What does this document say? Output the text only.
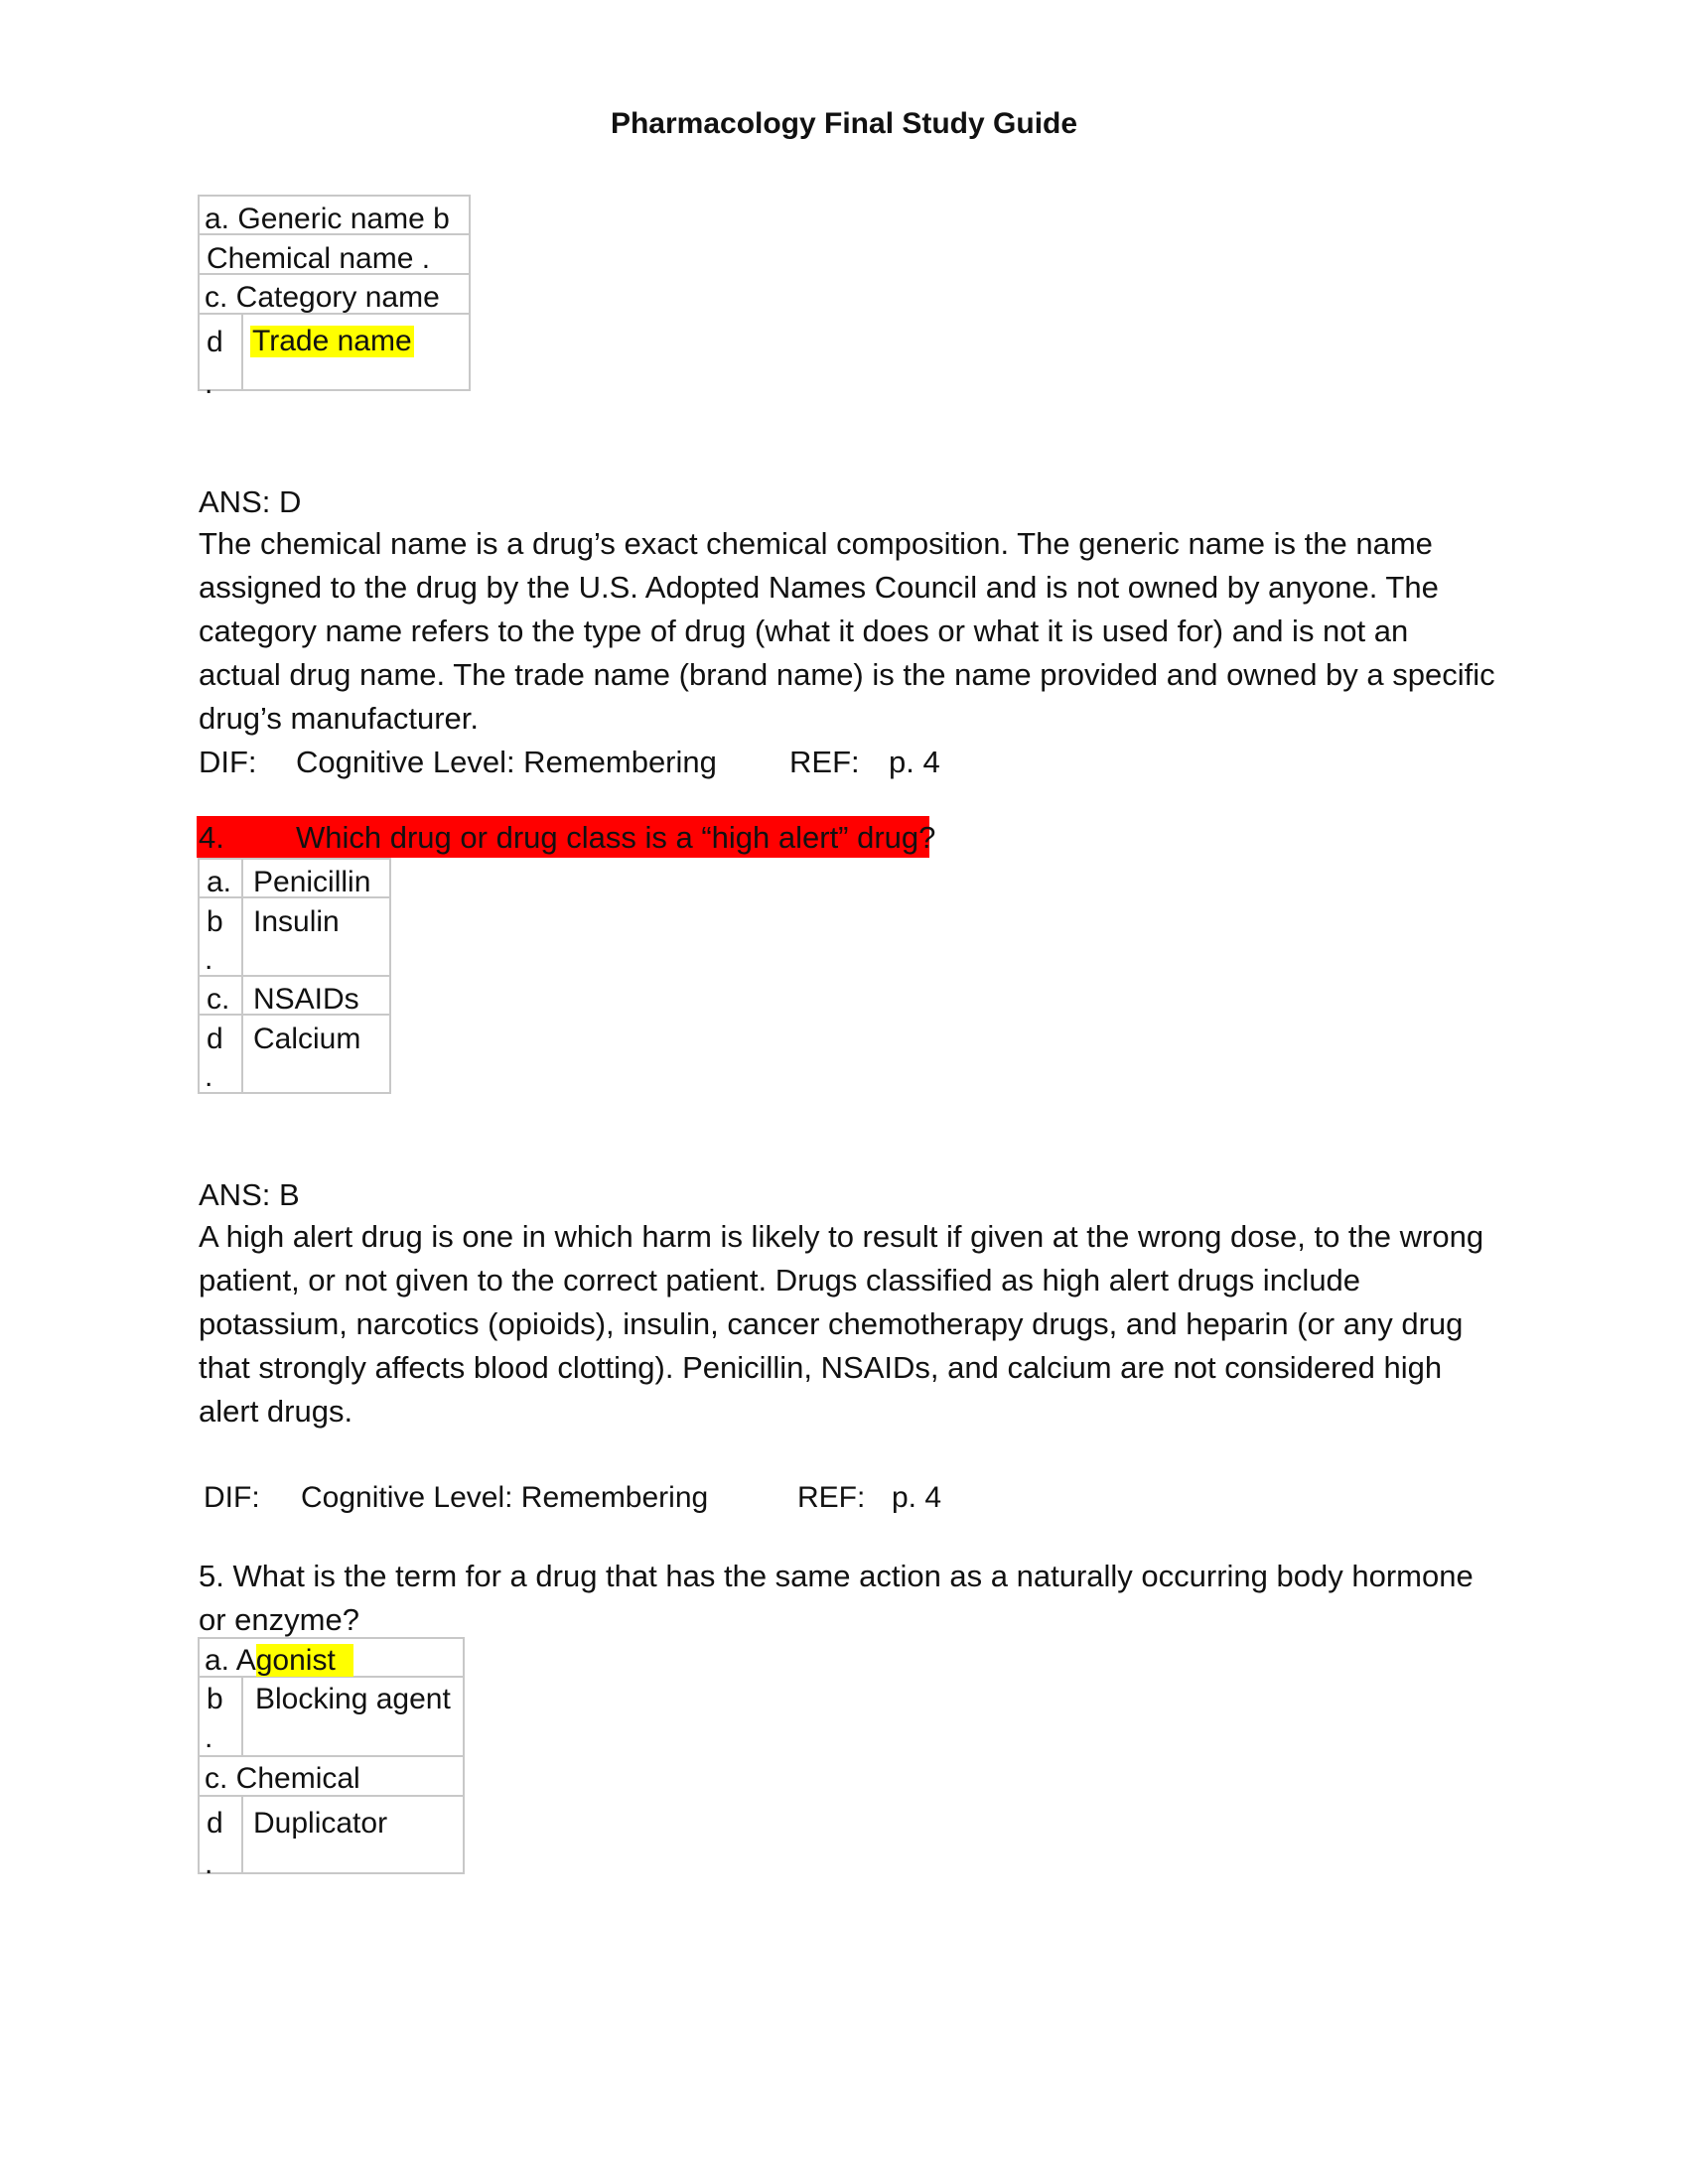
Pharmacology Final Study Guide
a. Generic name b
Chemical name .
c. Category name
d
.
Trade name
ANS: D
The chemical name is a drug’s exact chemical composition. The generic name is the name
assigned to the drug by the U.S. Adopted Names Council and is not owned by anyone. The
category name refers to the type of drug (what it does or what it is used for) and is not an
actual drug name. The trade name (brand name) is the name provided and owned by a specific
drug’s manufacturer.
DIF: Cognitive Level: Remembering REF: p. 4
4. Which drug or drug class is a “high alert” drug?
a. Penicillin
b
.
Insulin
c. NSAIDs
d
.
Calcium
ANS: B
A high alert drug is one in which harm is likely to result if given at the wrong dose, to the wrong
patient, or not given to the correct patient. Drugs classified as high alert drugs include
potassium, narcotics (opioids), insulin, cancer chemotherapy drugs, and heparin (or any drug
that strongly affects blood clotting). Penicillin, NSAIDs, and calcium are not considered high
alert drugs.
DIF: Cognitive Level: Remembering	REF: p. 4
5. What is the term for a drug that has the same action as a naturally occurring body hormone
or enzyme?
a. Agonist
b
.
Blocking agent
c. Chemical
d
.
Duplicator
